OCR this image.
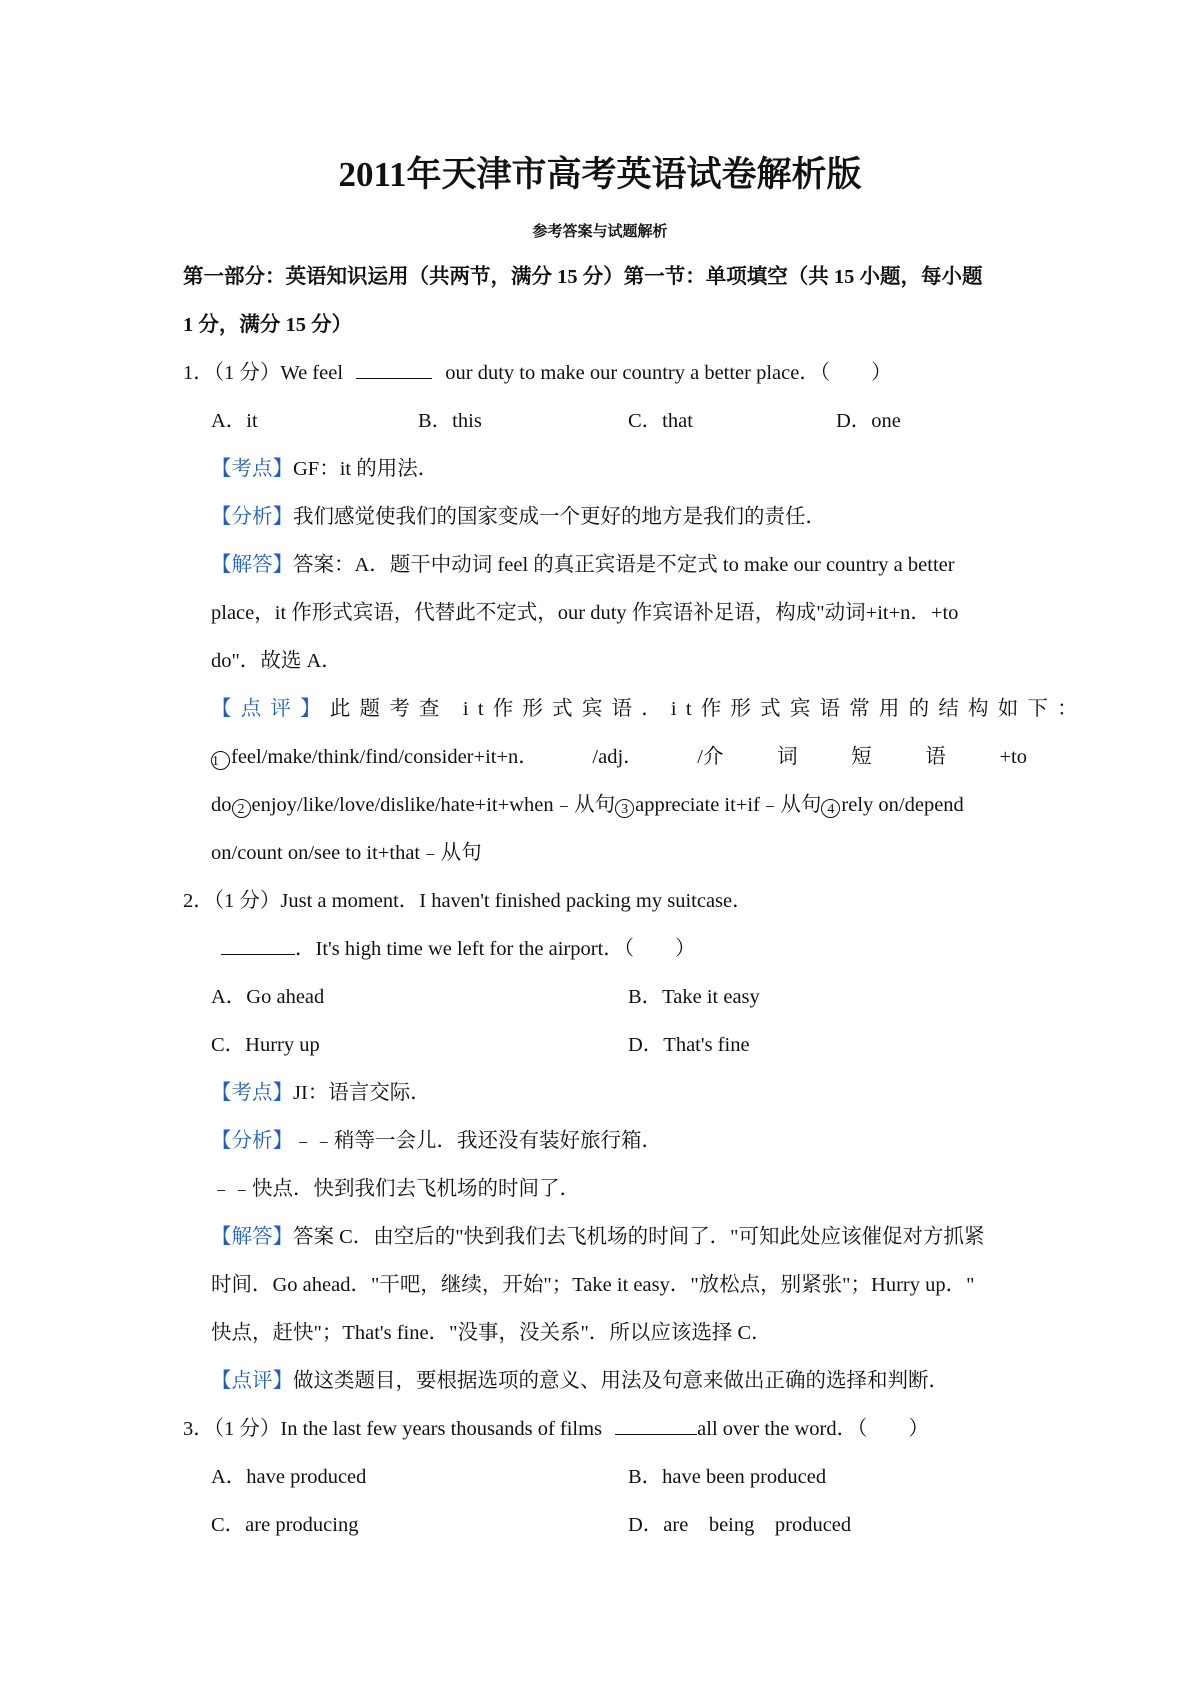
2011年天津市高考英语试卷解析版
参考答案与试题解析
第一部分：英语知识运用（共两节，满分 15 分）第一节：单项填空（共 15 小题，每小题
1 分，满分 15 分）
1．（1 分）We feel	our duty to make our country a better place．（　　）
A．it	B．this	C．that	D．one
【考点】GF：it 的用法．
【分析】我们感觉使我们的国家变成一个更好的地方是我们的责任．
【解答】答案：A．题干中动词 feel 的真正宾语是不定式 to make our country a better
place，it 作形式宾语，代替此不定式，our duty 作宾语补足语，构成"动词+it+n．+to
do"．故选 A．
【点评】此题考查 it作形式宾语．it作形式宾语常用的结构如下：
1 feel/make/think/find/consider+it+n．	/adj．	/介	词	短	语	+to
do 2 enjoy/like/love/dislike/hate+it+when﹣从句 3 appreciate it+if﹣从句 4 rely on/depend
on/count on/see to it+that﹣从句
2．（1 分）Just a moment．I haven't finished packing my suitcase．
．It's high time we left for the airport．（　　）
A．Go ahead	B．Take it easy
C．Hurry up	D．That's fine
【考点】JI：语言交际．
【分析】﹣﹣稍等一会儿．我还没有装好旅行箱．
﹣﹣快点．快到我们去飞机场的时间了．
【解答】答案 C．由空后的"快到我们去飞机场的时间了．"可知此处应该催促对方抓紧
时间．Go ahead．"干吧，继续，开始"；Take it easy．"放松点，别紧张"；Hurry up．"
快点，赶快"；That's fine．"没事，没关系"．所以应该选择 C．
【点评】做这类题目，要根据选项的意义、用法及句意来做出正确的选择和判断．
3．（1 分）In the last few years thousands of films	all over the word．（　　）
A．have produced	B．have been produced
C．are producing	D．are　being　produced
